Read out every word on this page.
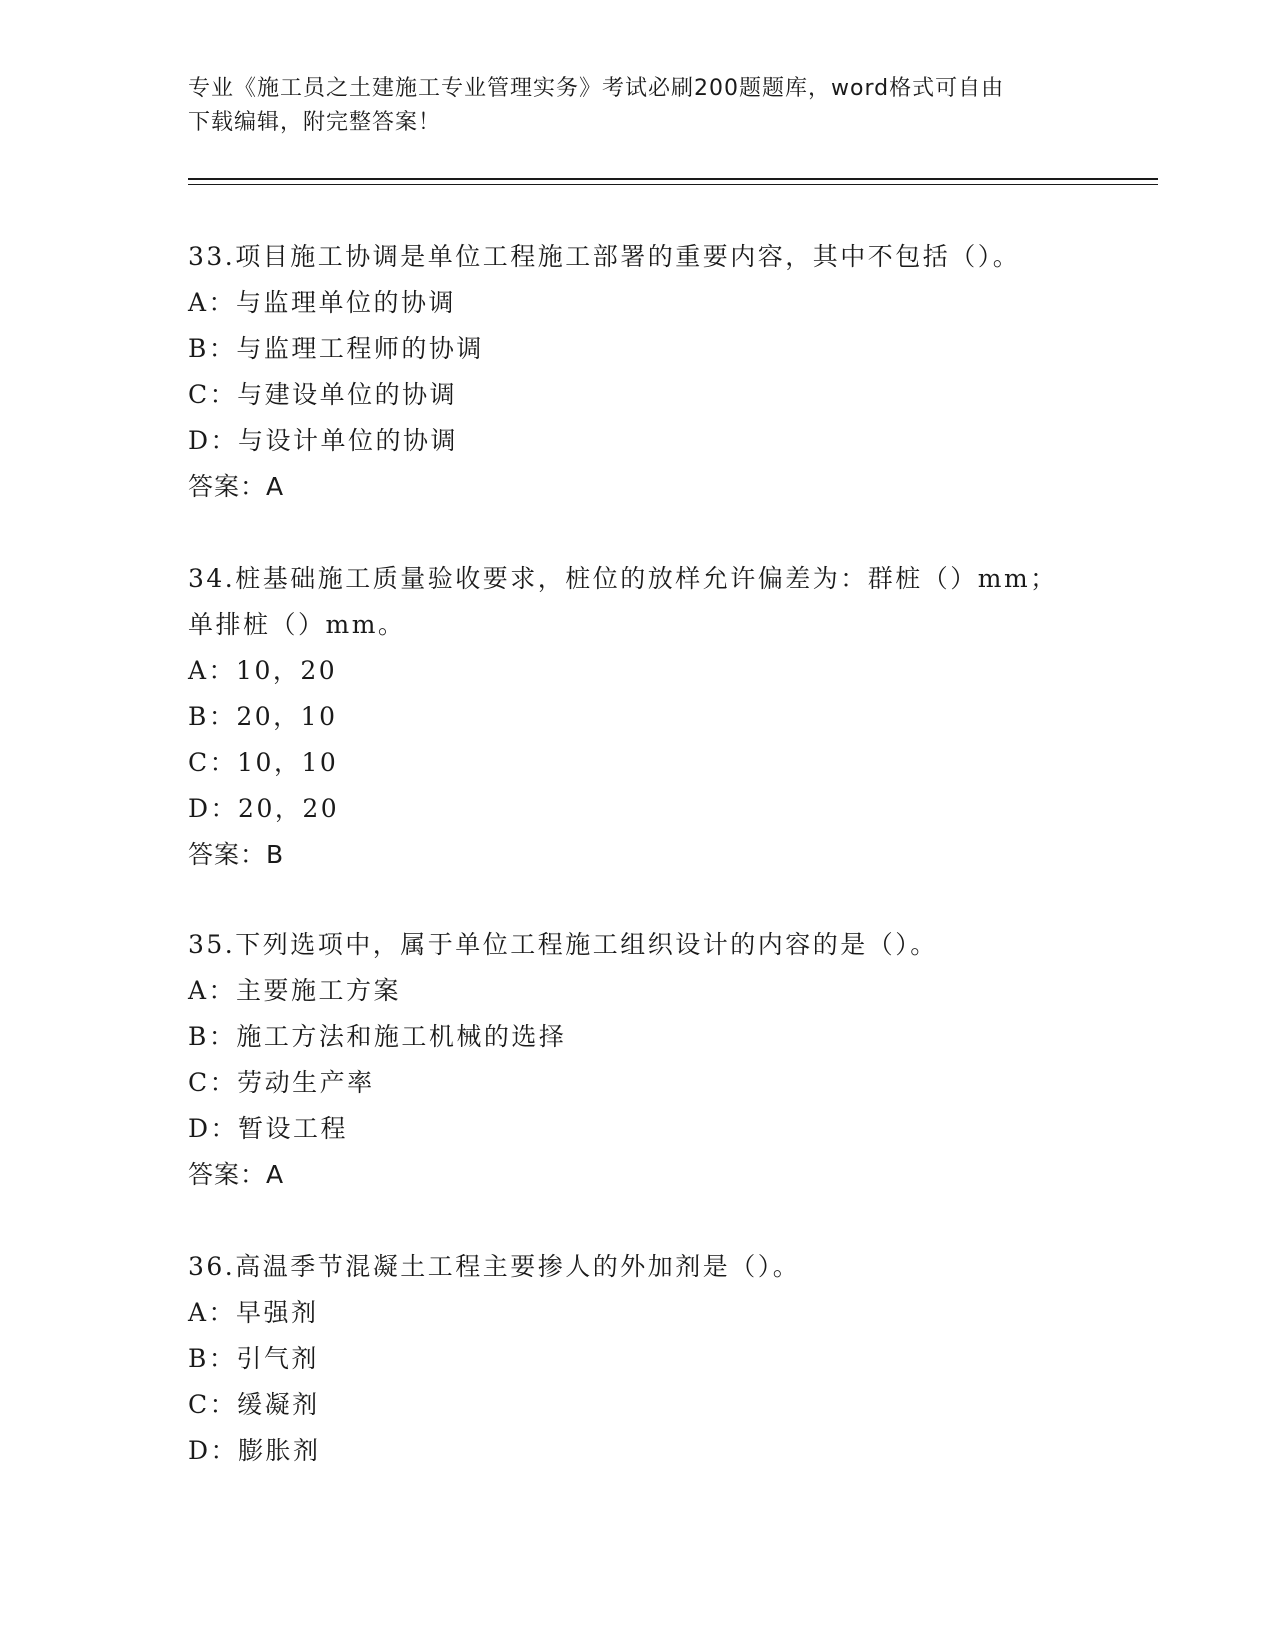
专业《施工员之土建施工专业管理实务》考试必刷200题题库，word格式可自由
下载编辑，附完整答案！

33.项目施工协调是单位工程施工部署的重要内容，其中不包括（）。

A：与监理单位的协调

B：与监理工程师的协调

C：与建设单位的协调

D：与设计单位的协调

答案：A

34.桩基础施工质量验收要求，桩位的放样允许偏差为：群桩（）mm；

单排桩（）mm。

A：10，20

B：20，10

C：10，10

D：20，20

答案：B

35.下列选项中，属于单位工程施工组织设计的内容的是（）。

A：主要施工方案

B：施工方法和施工机械的选择

C：劳动生产率

D：暂设工程

答案：A

36.高温季节混凝土工程主要掺人的外加剂是（）。

A：早强剂

B：引气剂

C：缓凝剂

D：膨胀剂
